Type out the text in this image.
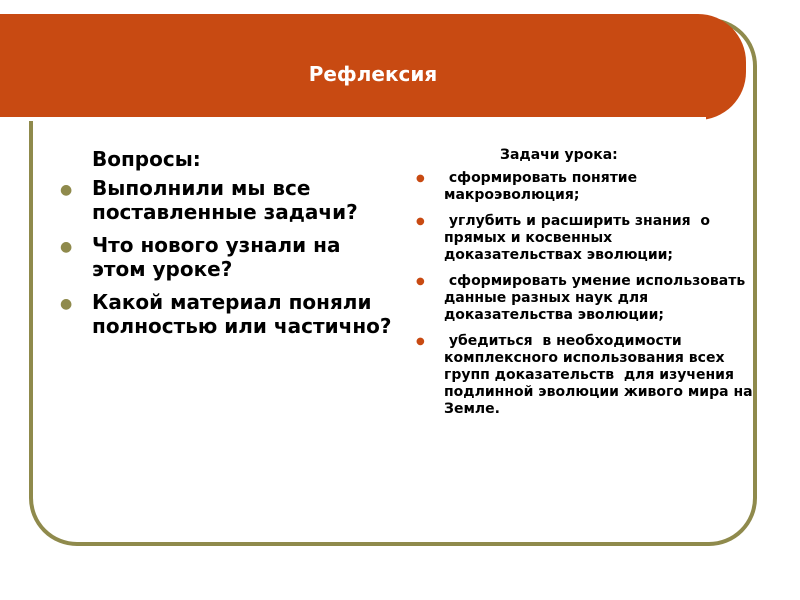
Рефлексия
Вопросы:
● Выполнили мы все поставленные задачи?
● Что нового узнали на этом уроке?
● Какой материал поняли полностью или частично?
Задачи урока:
● сформировать понятие макроэволюция;
● углубить и расширить знания  о прямых и косвенных доказательствах эволюции;
● сформировать умение использовать данные разных наук для доказательства эволюции;
● убедиться  в необходимости комплексного использования всех групп доказательств  для изучения подлинной эволюции живого мира на Земле.
